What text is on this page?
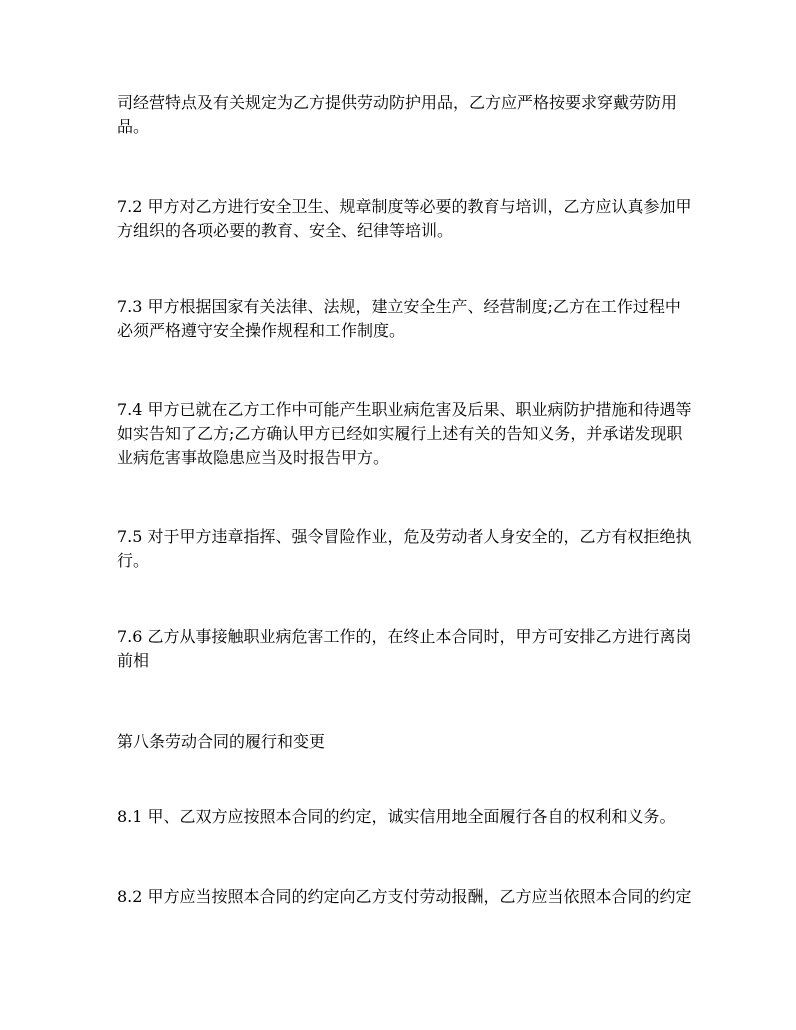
司经营特点及有关规定为乙方提供劳动防护用品，乙方应严格按要求穿戴劳防用
品。
7.2 甲方对乙方进行安全卫生、规章制度等必要的教育与培训，乙方应认真参加甲
方组织的各项必要的教育、安全、纪律等培训。
7.3 甲方根据国家有关法律、法规，建立安全生产、经营制度;乙方在工作过程中
必须严格遵守安全操作规程和工作制度。
7.4 甲方已就在乙方工作中可能产生职业病危害及后果、职业病防护措施和待遇等
如实告知了乙方;乙方确认甲方已经如实履行上述有关的告知义务，并承诺发现职
业病危害事故隐患应当及时报告甲方。
7.5 对于甲方违章指挥、强令冒险作业，危及劳动者人身安全的，乙方有权拒绝执
行。
7.6 乙方从事接触职业病危害工作的，在终止本合同时，甲方可安排乙方进行离岗
前相
第八条劳动合同的履行和变更
8.1 甲、乙双方应按照本合同的约定，诚实信用地全面履行各自的权利和义务。
8.2 甲方应当按照本合同的约定向乙方支付劳动报酬，乙方应当依照本合同的约定
